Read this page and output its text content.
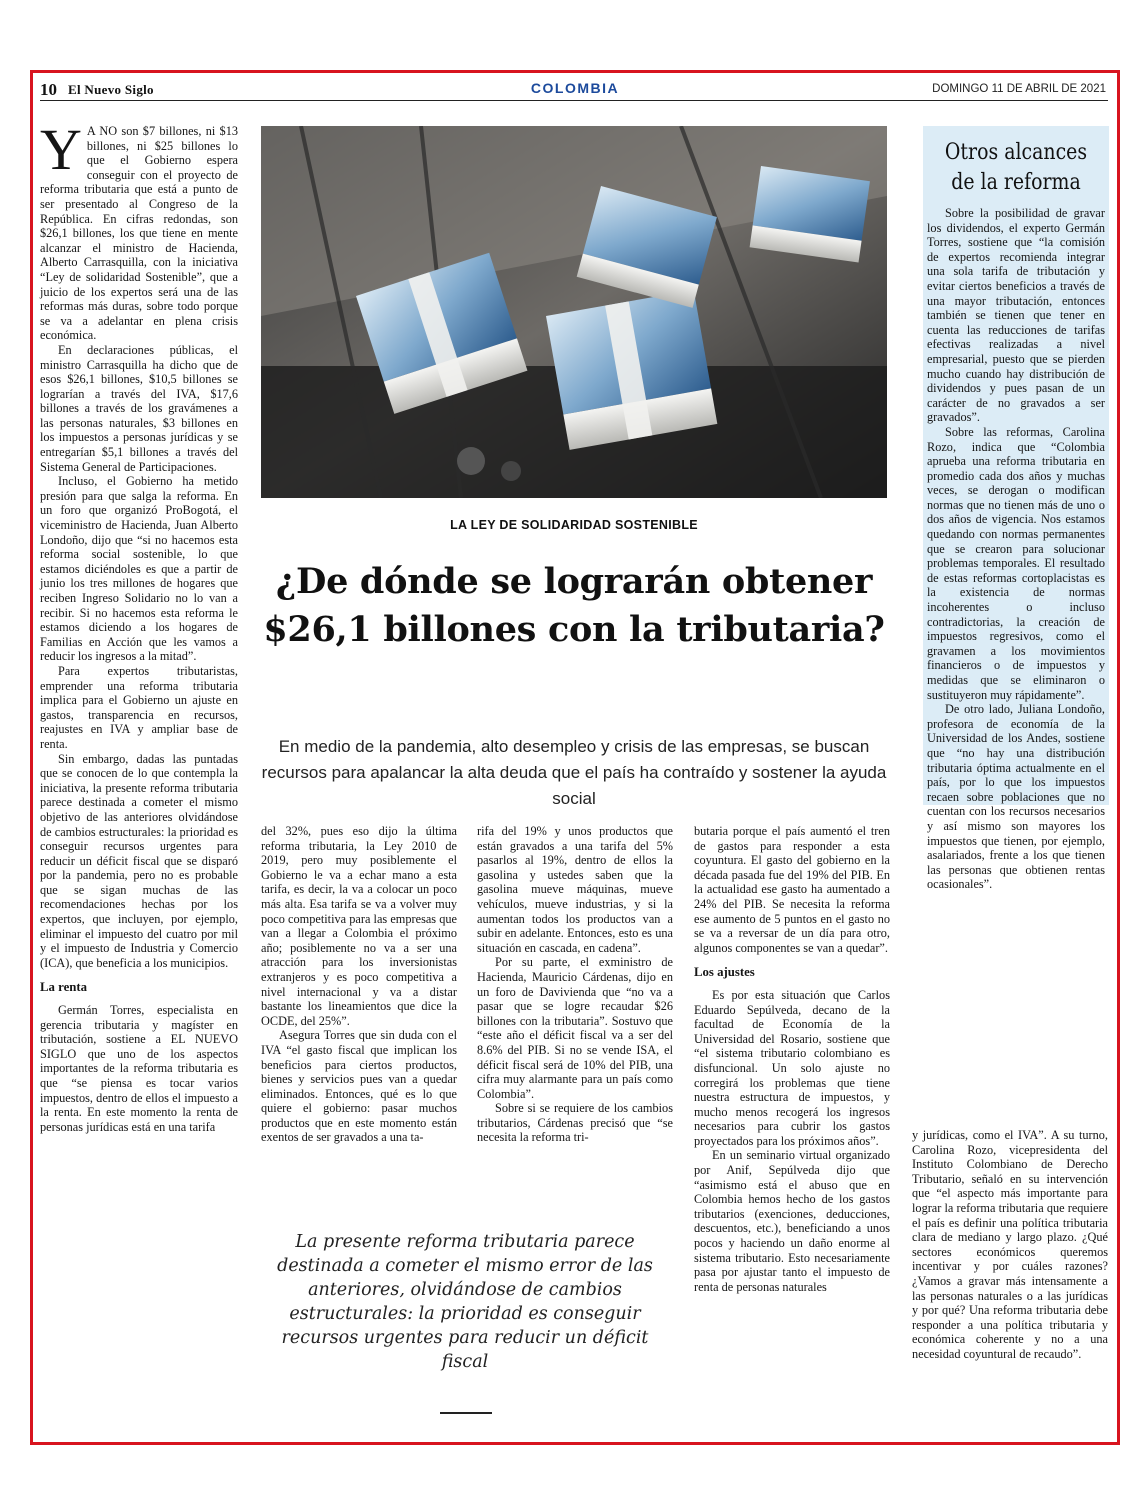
10 El Nuevo Siglo	COLOMBIA	DOMINGO 11 DE ABRIL DE 2021

Y A NO son $7 billones, ni $13 billones, ni $25 billones lo que el Gobierno espera conseguir con el proyecto de reforma tributaria que está a punto de ser presentado al Congreso de la República. En cifras redondas, son $26,1 billones, los que tiene en mente alcanzar el ministro de Hacienda, Alberto Carrasquilla, con la iniciativa “Ley de solidaridad Sostenible”, que a juicio de los expertos será una de las reformas más duras, sobre todo porque se va a adelantar en plena crisis económica.

En declaraciones públicas, el ministro Carrasquilla ha dicho que de esos $26,1 billones, $10,5 billones se lograrían a través del IVA, $17,6 billones a través de los gravámenes a las personas naturales, $3 billones en los impuestos a personas jurídicas y se entregarían $5,1 billones a través del Sistema General de Participaciones.

Incluso, el Gobierno ha metido presión para que salga la reforma. En un foro que organizó ProBogotá, el viceministro de Hacienda, Juan Alberto Londoño, dijo que “si no hacemos esta reforma social sostenible, lo que estamos diciéndoles es que a partir de junio los tres millones de hogares que reciben Ingreso Solidario no lo van a recibir. Si no hacemos esta reforma le estamos diciendo a los hogares de Familias en Acción que les vamos a reducir los ingresos a la mitad”.

Para expertos tributaristas, emprender una reforma tributaria implica para el Gobierno un ajuste en gastos, transparencia en recursos, reajustes en IVA y ampliar base de renta.

Sin embargo, dadas las puntadas que se conocen de lo que contempla la iniciativa, la presente reforma tributaria parece destinada a cometer el mismo objetivo de las anteriores olvidándose de cambios estructurales: la prioridad es conseguir recursos urgentes para reducir un déficit fiscal que se disparó por la pandemia, pero no es probable que se sigan muchas de las recomendaciones hechas por los expertos, que incluyen, por ejemplo, eliminar el impuesto del cuatro por mil y el impuesto de Industria y Comercio (ICA), que beneficia a los municipios.

La renta

Germán Torres, especialista en gerencia tributaria y magíster en tributación, sostiene a EL NUEVO SIGLO que uno de los aspectos importantes de la reforma tributaria es que “se piensa es tocar varios impuestos, dentro de ellos el impuesto a la renta. En este momento la renta de personas jurídicas está en una tarifa

LA LEY DE SOLIDARIDAD SOSTENIBLE
¿De dónde se lograrán obtener $26,1 billones con la tributaria?
En medio de la pandemia, alto desempleo y crisis de las empresas, se buscan recursos para apalancar la alta deuda que el país ha contraído y sostener la ayuda social

del 32%, pues eso dijo la última reforma tributaria, la Ley 2010 de 2019, pero muy posiblemente el Gobierno le va a echar mano a esta tarifa, es decir, la va a colocar un poco más alta. Esa tarifa se va a volver muy poco competitiva para las empresas que van a llegar a Colombia el próximo año; posiblemente no va a ser una atracción para los inversionistas extranjeros y es poco competitiva a nivel internacional y va a distar bastante los lineamientos que dice la OCDE, del 25%”.

Asegura Torres que sin duda con el IVA “el gasto fiscal que implican los beneficios para ciertos productos, bienes y servicios pues van a quedar eliminados. Entonces, qué es lo que quiere el gobierno: pasar muchos productos que en este momento están exentos de ser gravados a una ta-

rifa del 19% y unos productos que están gravados a una tarifa del 5% pasarlos al 19%, dentro de ellos la gasolina y ustedes saben que la gasolina mueve máquinas, mueve vehículos, mueve industrias, y si la aumentan todos los productos van a subir en adelante. Entonces, esto es una situación en cascada, en cadena”.

Por su parte, el exministro de Hacienda, Mauricio Cárdenas, dijo en un foro de Davivienda que “no va a pasar que se logre recaudar $26 billones con la tributaria”. Sostuvo que “este año el déficit fiscal va a ser del 8.6% del PIB. Si no se vende ISA, el déficit fiscal será de 10% del PIB, una cifra muy alarmante para un país como Colombia”.

Sobre si se requiere de los cambios tributarios, Cárdenas precisó que “se necesita la reforma tri-

butaria porque el país aumentó el tren de gastos para responder a esta coyuntura. El gasto del gobierno en la década pasada fue del 19% del PIB. En la actualidad ese gasto ha aumentado a 24% del PIB. Se necesita la reforma ese aumento de 5 puntos en el gasto no se va a reversar de un día para otro, algunos componentes se van a quedar”.

Los ajustes

Es por esta situación que Carlos Eduardo Sepúlveda, decano de la facultad de Economía de la Universidad del Rosario, sostiene que “el sistema tributario colombiano es disfuncional. Un solo ajuste no corregirá los problemas que tiene nuestra estructura de impuestos, y mucho menos recogerá los ingresos necesarios para cubrir los gastos proyectados para los próximos años”.

En un seminario virtual organizado por Anif, Sepúlveda dijo que “asimismo está el abuso que en Colombia hemos hecho de los gastos tributarios (exenciones, deducciones, descuentos, etc.), beneficiando a unos pocos y haciendo un daño enorme al sistema tributario. Esto necesariamente pasa por ajustar tanto el impuesto de renta de personas naturales

Otros alcances de la reforma

Sobre la posibilidad de gravar los dividendos, el experto Germán Torres, sostiene que “la comisión de expertos recomienda integrar una sola tarifa de tributación y evitar ciertos beneficios a través de una mayor tributación, entonces también se tienen que tener en cuenta las reducciones de tarifas efectivas realizadas a nivel empresarial, puesto que se pierden mucho cuando hay distribución de dividendos y pues pasan de un carácter de no gravados a ser gravados”.

Sobre las reformas, Carolina Rozo, indica que “Colombia aprueba una reforma tributaria en promedio cada dos años y muchas veces, se derogan o modifican normas que no tienen más de uno o dos años de vigencia. Nos estamos quedando con normas permanentes que se crearon para solucionar problemas temporales. El resultado de estas reformas cortoplacistas es la existencia de normas incoherentes o incluso contradictorias, la creación de impuestos regresivos, como el gravamen a los movimientos financieros o de impuestos y medidas que se eliminaron o sustituyeron muy rápidamente”.

De otro lado, Juliana Londoño, profesora de economía de la Universidad de los Andes, sostiene que “no hay una distribución tributaria óptima actualmente en el país, por lo que los impuestos recaen sobre poblaciones que no cuentan con los recursos necesarios y así mismo son mayores los impuestos que tienen, por ejemplo, asalariados, frente a los que tienen las personas que obtienen rentas ocasionales”.

y jurídicas, como el IVA”. A su turno, Carolina Rozo, vicepresidenta del Instituto Colombiano de Derecho Tributario, señaló en su intervención que “el aspecto más importante para lograr la reforma tributaria que requiere el país es definir una política tributaria clara de mediano y largo plazo. ¿Qué sectores económicos queremos incentivar y por cuáles razones? ¿Vamos a gravar más intensamente a las personas naturales o a las jurídicas y por qué? Una reforma tributaria debe responder a una política tributaria y económica coherente y no a una necesidad coyuntural de recaudo”.

La presente reforma tributaria parece destinada a cometer el mismo error de las anteriores, olvidándose de cambios estructurales: la prioridad es conseguir recursos urgentes para reducir un déficit fiscal
